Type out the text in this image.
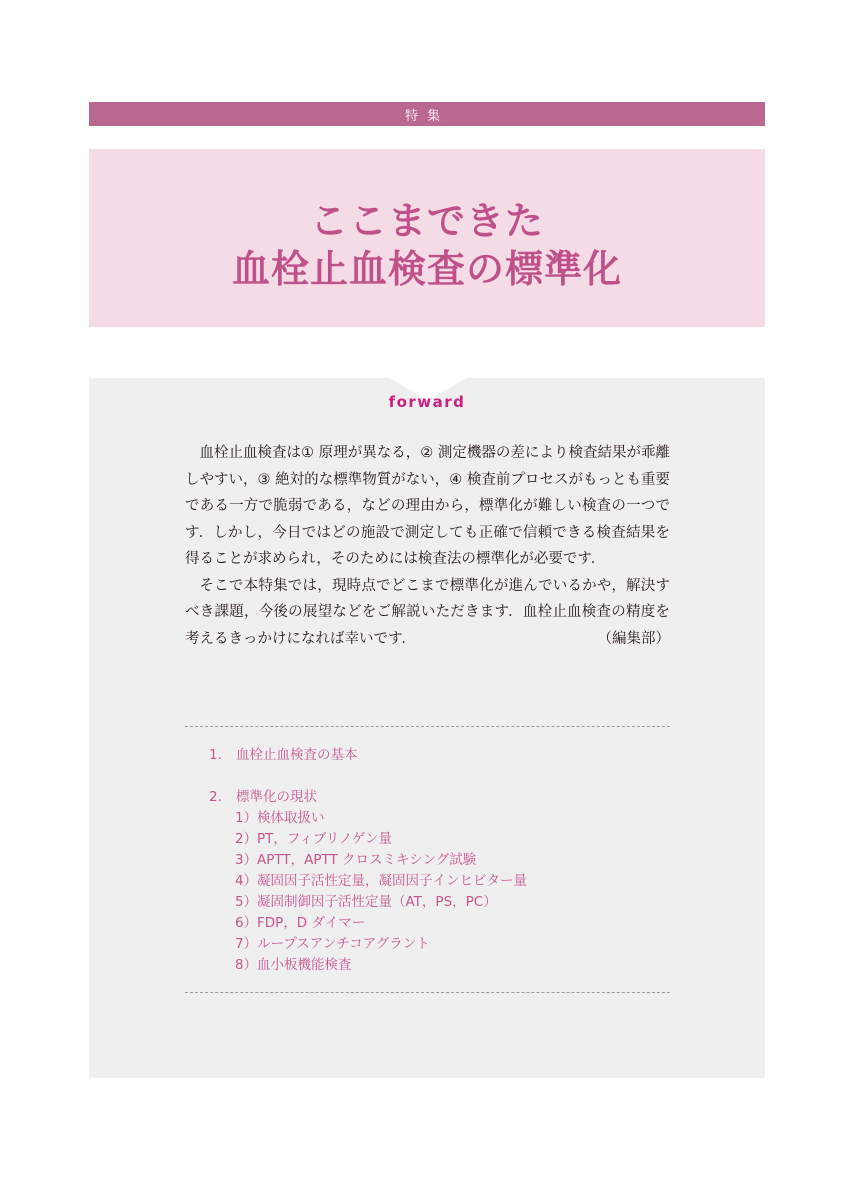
特集
ここまできた
血栓止血検査の標準化
forward

血栓止血検査は① 原理が異なる，② 測定機器の差により検査結果が乖離しやすい，③ 絶対的な標準物質がない，④ 検査前プロセスがもっとも重要である一方で脆弱である，などの理由から，標準化が難しい検査の一つです．しかし，今日ではどの施設で測定しても正確で信頼できる検査結果を得ることが求められ，そのためには検査法の標準化が必要です．

そこで本特集では，現時点でどこまで標準化が進んでいるかや，解決すべき課題，今後の展望などをご解説いただきます．血栓止血検査の精度を考えるきっかけになれば幸いです．	（編集部）
1. 血栓止血検査の基本
2. 標準化の現状
1）検体取扱い
2）PT，フィブリノゲン量
3）APTT，APTT クロスミキシング試験
4）凝固因子活性定量，凝固因子インヒビター量
5）凝固制御因子活性定量（AT，PS，PC）
6）FDP，D ダイマー
7）ループスアンチコアグラント
8）血小板機能検査
